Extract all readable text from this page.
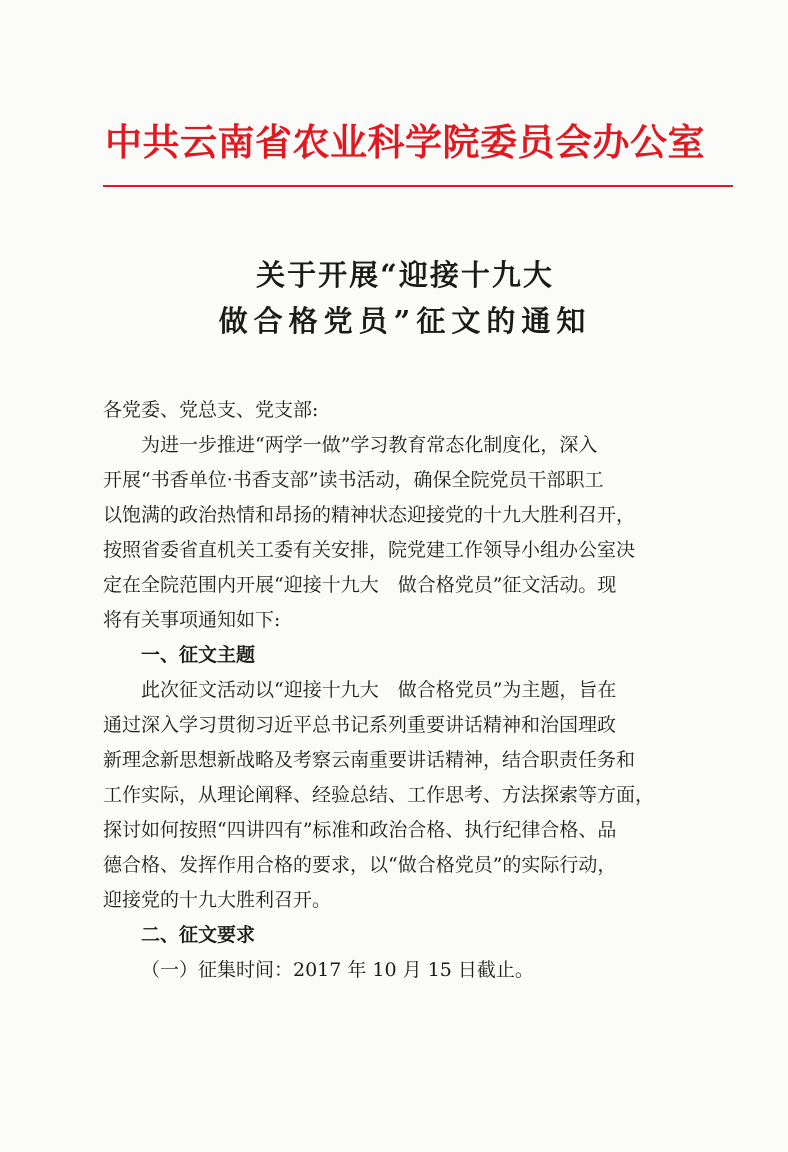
中共云南省农业科学院委员会办公室
关于开展“迎接十九大
做合格党员”征文的通知

各党委、党总支、党支部:

为进一步推进“两学一做”学习教育常态化制度化，深入
开展“书香单位·书香支部”读书活动，确保全院党员干部职工
以饱满的政治热情和昂扬的精神状态迎接党的十九大胜利召开，
按照省委省直机关工委有关安排，院党建工作领导小组办公室决
定在全院范围内开展“迎接十九大　做合格党员”征文活动。现
将有关事项通知如下:

一、征文主题

此次征文活动以“迎接十九大　做合格党员”为主题，旨在
通过深入学习贯彻习近平总书记系列重要讲话精神和治国理政
新理念新思想新战略及考察云南重要讲话精神，结合职责任务和
工作实际，从理论阐释、经验总结、工作思考、方法探索等方面，
探讨如何按照“四讲四有”标准和政治合格、执行纪律合格、品
德合格、发挥作用合格的要求，以“做合格党员”的实际行动，
迎接党的十九大胜利召开。

二、征文要求

（一）征集时间：2017 年 10 月 15 日截止。
